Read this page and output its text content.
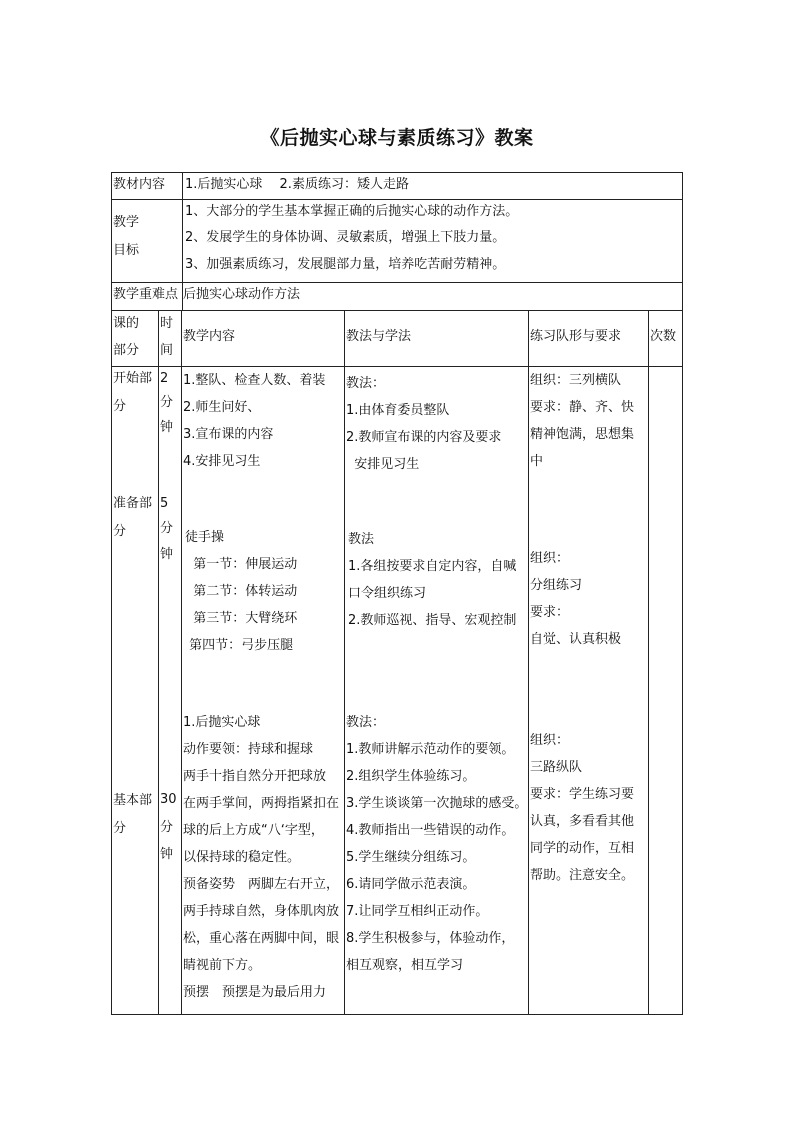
《后抛实心球与素质练习》教案
教材内容 1.后抛实心球　 2.素质练习：矮人走路
教学
目标
1、大部分的学生基本掌握正确的后抛实心球的动作方法。
2、发展学生的身体协调、灵敏素质，增强上下肢力量。
3、加强素质练习，发展腿部力量，培养吃苦耐劳精神。
教学重难点 后抛实心球动作方法
课的
部分
时
间
教学内容	教法与学法	练习队形与要求 次数
开始部
分
2
分
钟
1.整队、检查人数、着装
2.师生问好、
3.宣布课的内容
4.安排见习生
教法：
1.由体育委员整队
2.教师宣布课的内容及要求
安排见习生
组织：三列横队
要求：静、齐、快
精神饱满，思想集
中
准备部
分
5
分
钟
徒手操
第一节：伸展运动
第二节：体转运动
第三节：大臂绕环
第四节：弓步压腿
教法
1.各组按要求自定内容，自喊
口令组织练习
2.教师巡视、指导、宏观控制
组织：
分组练习
要求：
自觉、认真积极
基本部
分
30
分
钟
1.后抛实心球
动作要领：持球和握球
两手十指自然分开把球放
在两手掌间，两拇指紧扣在
球的后上方成“八‘字型，
以保持球的稳定性。
预备姿势　两脚左右开立，
两手持球自然，身体肌肉放
松，重心落在两脚中间，眼
睛视前下方。
预摆　预摆是为最后用力
教法：
1.教师讲解示范动作的要领。
2.组织学生体验练习。
3.学生谈谈第一次抛球的感受。
4.教师指出一些错误的动作。
5.学生继续分组练习。
6.请同学做示范表演。
7.让同学互相纠正动作。
8.学生积极参与，体验动作，
相互观察，相互学习
组织：
三路纵队
要求：学生练习要
认真，多看看其他
同学的动作，互相
帮助。注意安全。
